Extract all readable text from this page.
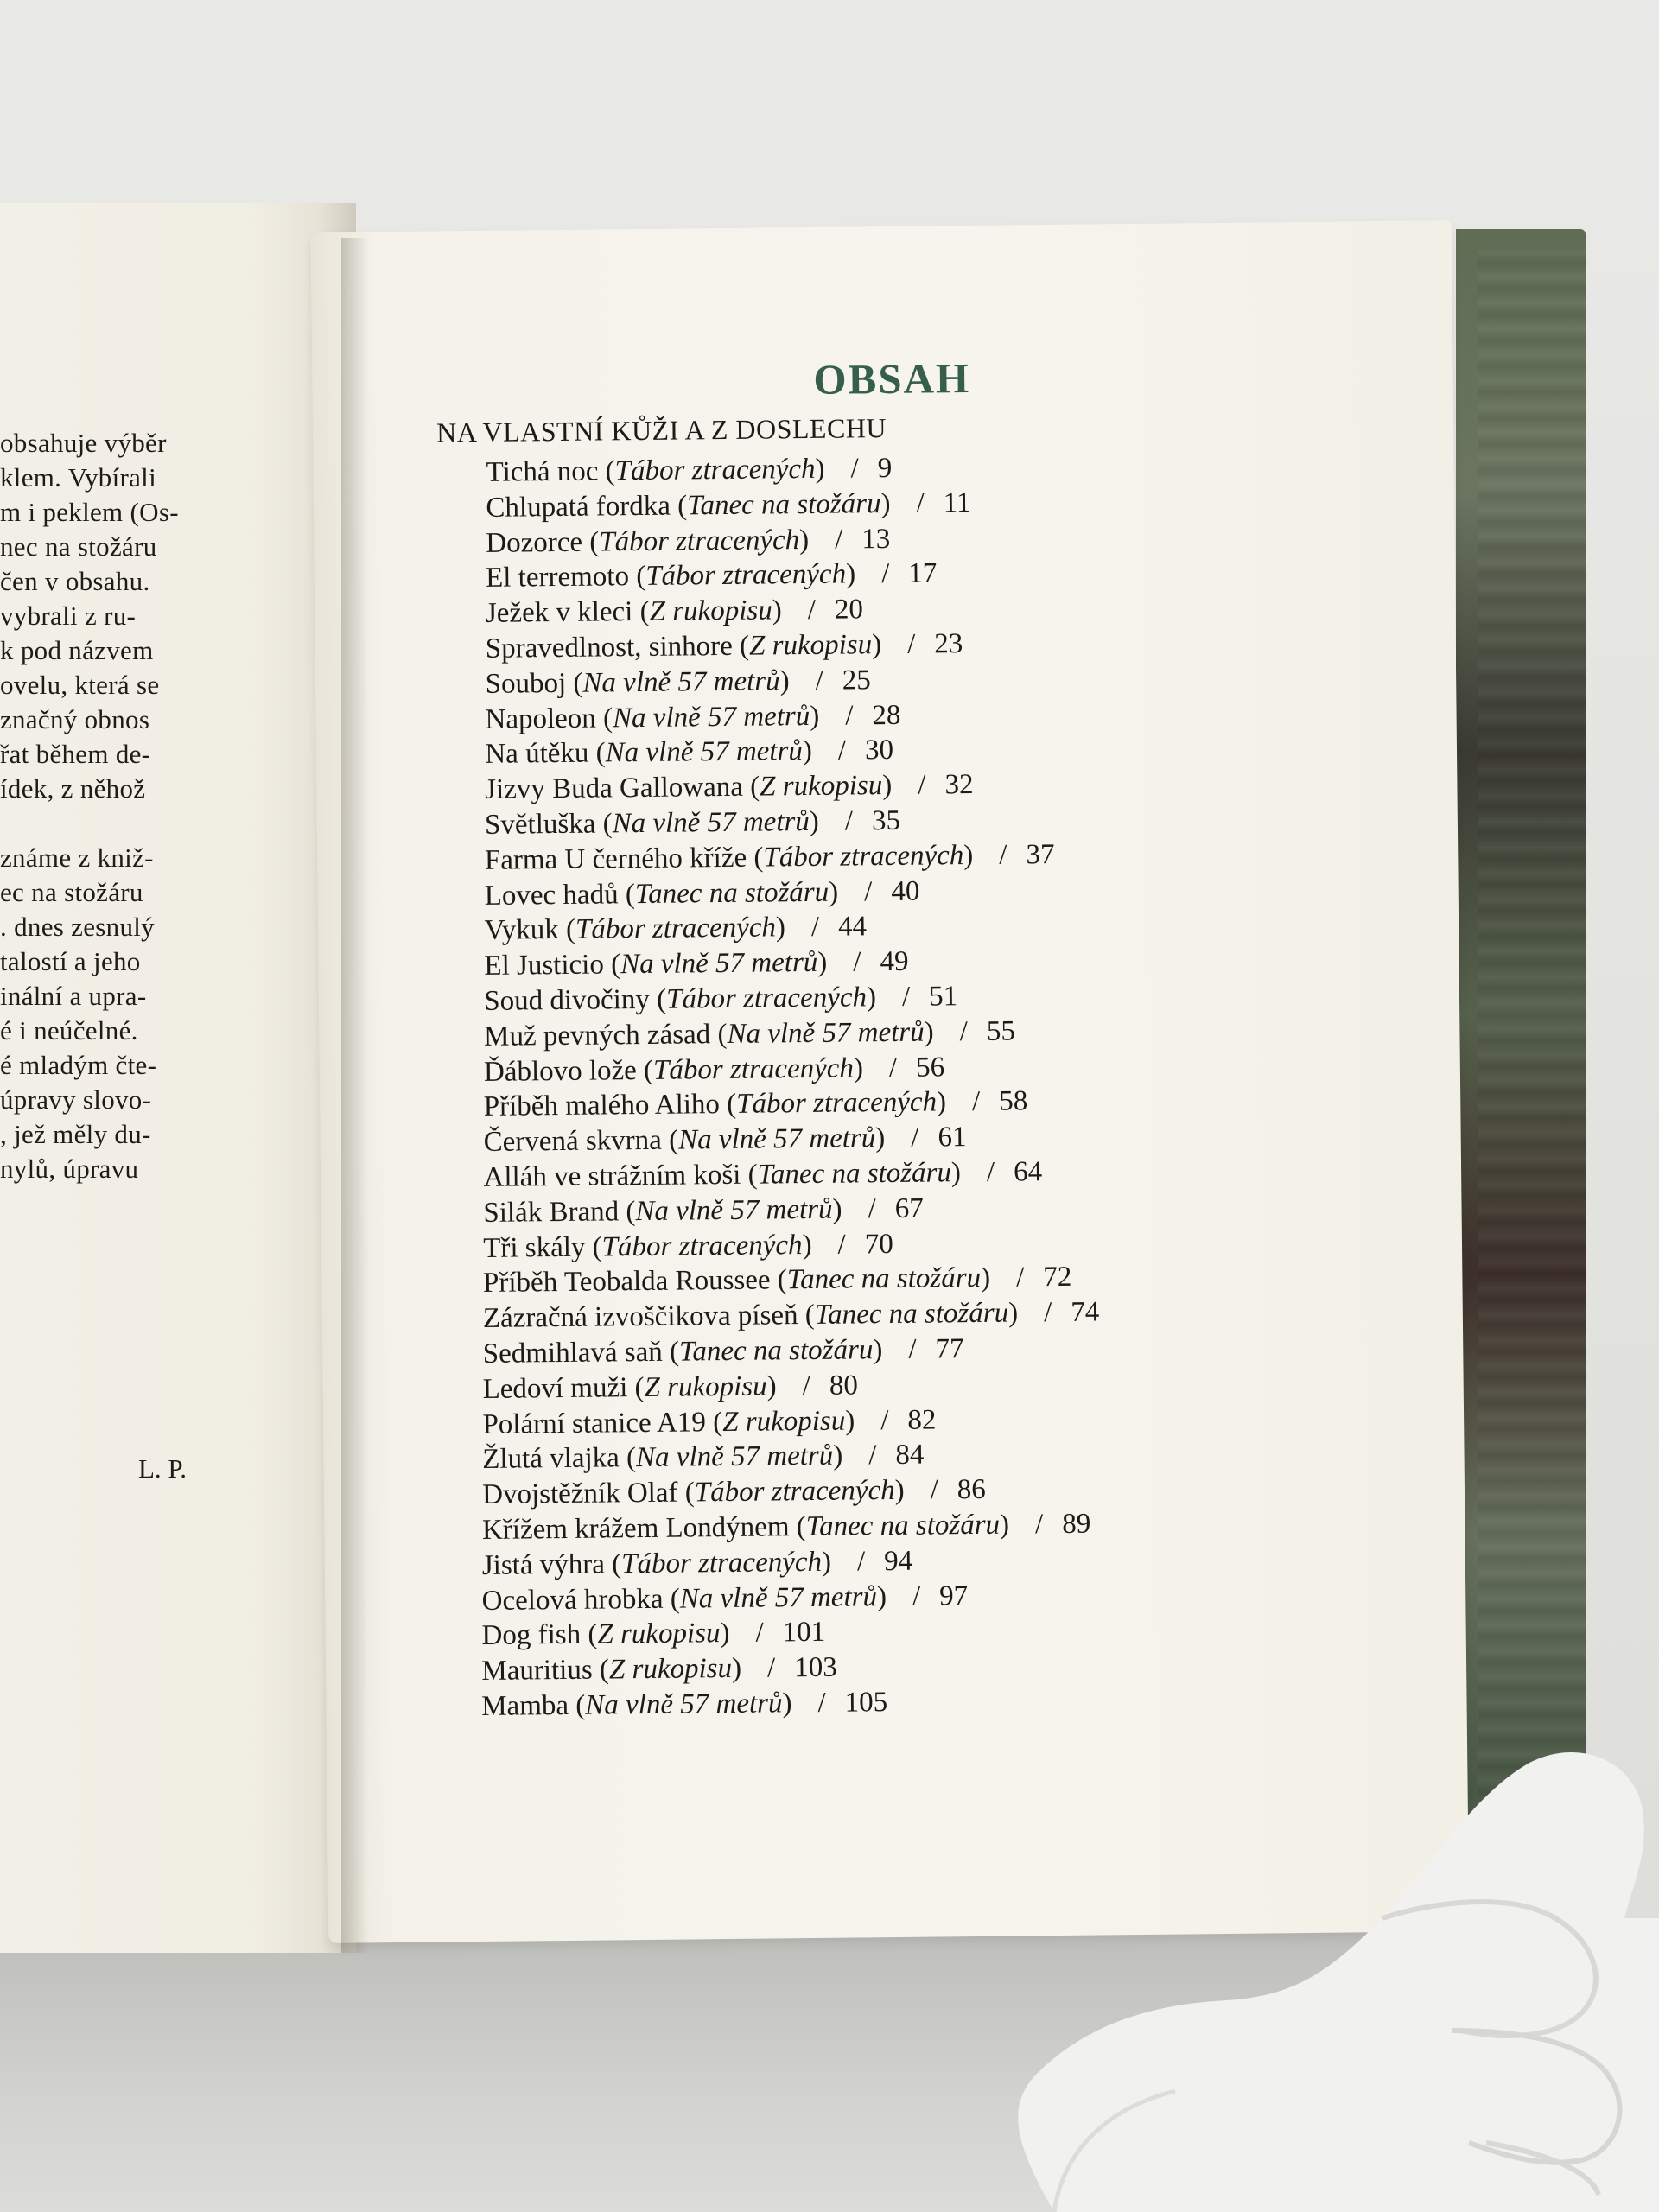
obsahuje výběr
klem. Vybírali
m i peklem (Os-
nec na stožáru
čen v obsahu.
vybrali z ru-
k pod názvem
ovelu, která se
značný obnos
řat během de-
ídek, z něhož
známe z kniž-
ec na stožáru
. dnes zesnulý
talostí a jeho
inální a upra-
é i neúčelné.
é mladým čte-
úpravy slovo-
, jež měly du-
nylů, úpravu
L. P.
OBSAH
NA VLASTNÍ KŮŽI A Z DOSLECHU
Tichá noc (Tábor ztracených) / 9
Chlupatá fordka (Tanec na stožáru) / 11
Dozorce (Tábor ztracených) / 13
El terremoto (Tábor ztracených) / 17
Ježek v kleci (Z rukopisu) / 20
Spravedlnost, sinhore (Z rukopisu) / 23
Souboj (Na vlně 57 metrů) / 25
Napoleon (Na vlně 57 metrů) / 28
Na útěku (Na vlně 57 metrů) / 30
Jizvy Buda Gallowana (Z rukopisu) / 32
Světluška (Na vlně 57 metrů) / 35
Farma U černého kříže (Tábor ztracených) / 37
Lovec hadů (Tanec na stožáru) / 40
Vykuk (Tábor ztracených) / 44
El Justicio (Na vlně 57 metrů) / 49
Soud divočiny (Tábor ztracených) / 51
Muž pevných zásad (Na vlně 57 metrů) / 55
Ďáblovo lože (Tábor ztracených) / 56
Příběh malého Aliho (Tábor ztracených) / 58
Červená skvrna (Na vlně 57 metrů) / 61
Alláh ve strážním koši (Tanec na stožáru) / 64
Silák Brand (Na vlně 57 metrů) / 67
Tři skály (Tábor ztracených) / 70
Příběh Teobalda Roussee (Tanec na stožáru) / 72
Zázračná izvoščikova píseň (Tanec na stožáru) / 74
Sedmihlavá saň (Tanec na stožáru) / 77
Ledoví muži (Z rukopisu) / 80
Polární stanice A19 (Z rukopisu) / 82
Žlutá vlajka (Na vlně 57 metrů) / 84
Dvojstěžník Olaf (Tábor ztracených) / 86
Křížem krážem Londýnem (Tanec na stožáru) / 89
Jistá výhra (Tábor ztracených) / 94
Ocelová hrobka (Na vlně 57 metrů) / 97
Dog fish (Z rukopisu) / 101
Mauritius (Z rukopisu) / 103
Mamba (Na vlně 57 metrů) / 105
